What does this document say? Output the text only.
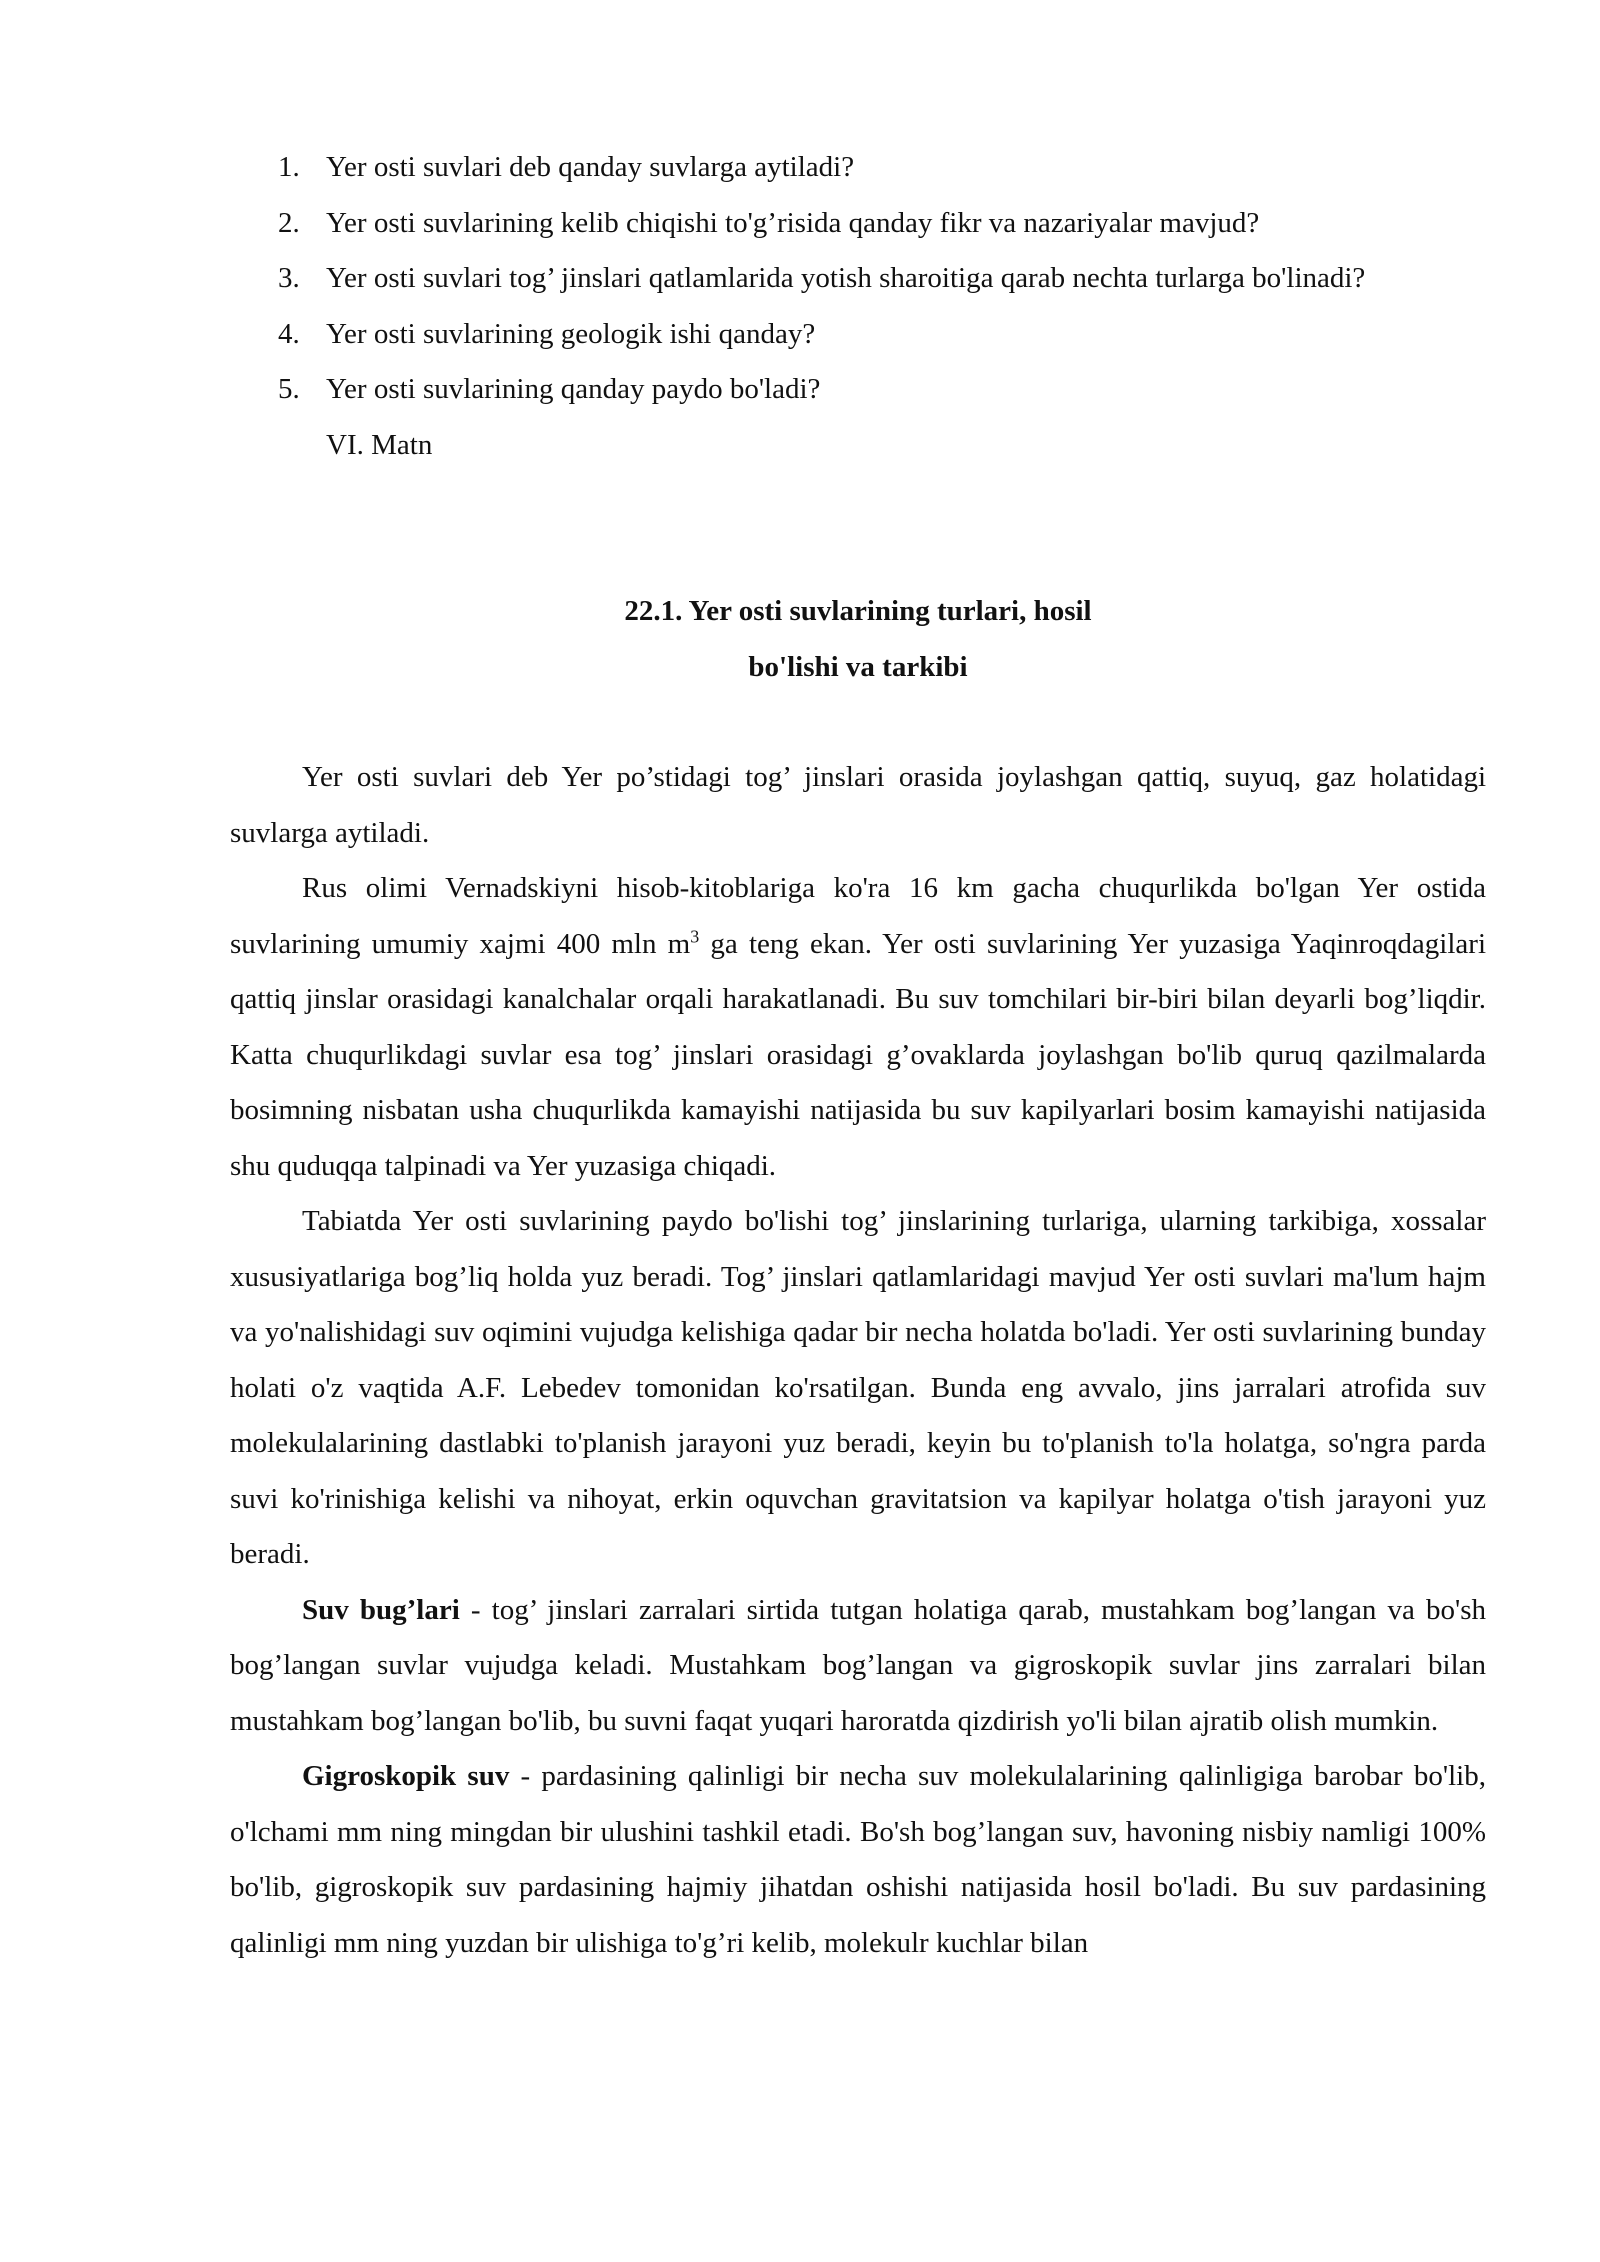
1. Yer osti suvlari deb qanday suvlarga aytiladi?
2. Yer osti suvlarining kelib chiqishi to'g’risida qanday fikr va nazariyalar mavjud?
3. Yer osti suvlari tog’ jinslari qatlamlarida yotish sharoitiga qarab nechta turlarga bo'linadi?
4. Yer osti suvlarining geologik ishi qanday?
5. Yer osti suvlarining qanday paydo bo'ladi?
VI. Matn
22.1. Yer osti suvlarining turlari, hosil
bo'lishi va tarkibi

Yer osti suvlari deb Yer po’stidagi tog’ jinslari orasida joylashgan qattiq, suyuq, gaz holatidagi suvlarga aytiladi.

Rus olimi Vernadskiyni hisob-kitoblariga ko'ra 16 km gacha chuqurlikda bo'lgan Yer ostida suvlarining umumiy xajmi 400 mln $m^3$ ga teng ekan. Yer osti suvlarining Yer yuzasiga Yaqinroqdagilari qattiq jinslar orasidagi kanalchalar orqali harakatlanadi. Bu suv tomchilari bir-biri bilan deyarli bog’liqdir. Katta chuqurlikdagi suvlar esa tog’ jinslari orasidagi g’ovaklarda joylashgan bo'lib quruq qazilmalarda bosimning nisbatan usha chuqurlikda kamayishi natijasida bu suv kapilyarlari bosim kamayishi natijasida shu quduqqa talpinadi va Yer yuzasiga chiqadi.

Tabiatda Yer osti suvlarining paydo bo'lishi tog’ jinslarining turlariga, ularning tarkibiga, xossalar xususiyatlariga bog’liq holda yuz beradi. Tog’ jinslari qatlamlaridagi mavjud Yer osti suvlari ma'lum hajm va yo'nalishidagi suv oqimini vujudga kelishiga qadar bir necha holatda bo'ladi. Yer osti suvlarining bunday holati o'z vaqtida A.F. Lebedev tomonidan ko'rsatilgan. Bunda eng avvalo, jins jarralari atrofida suv molekulalarining dastlabki to'planish jarayoni yuz beradi, keyin bu to'planish to'la holatga, so'ngra parda suvi ko'rinishiga kelishi va nihoyat, erkin oquvchan gravitatsion va kapilyar holatga o'tish jarayoni yuz beradi.

Suv bug’lari - tog’ jinslari zarralari sirtida tutgan holatiga qarab, mustahkam bog’langan va bo'sh bog’langan suvlar vujudga keladi. Mustahkam bog’langan va gigroskopik suvlar jins zarralari bilan mustahkam bog’langan bo'lib, bu suvni faqat yuqari haroratda qizdirish yo'li bilan ajratib olish mumkin.

Gigroskopik suv - pardasining qalinligi bir necha suv molekulalarining qalinligiga barobar bo'lib, o'lchami mm ning mingdan bir ulushini tashkil etadi. Bo'sh bog’langan suv, havoning nisbiy namligi 100% bo'lib, gigroskopik suv pardasining hajmiy jihatdan oshishi natijasida hosil bo'ladi. Bu suv pardasining qalinligi mm ning yuzdan bir ulishiga to'g’ri kelib, molekulr kuchlar bilan
